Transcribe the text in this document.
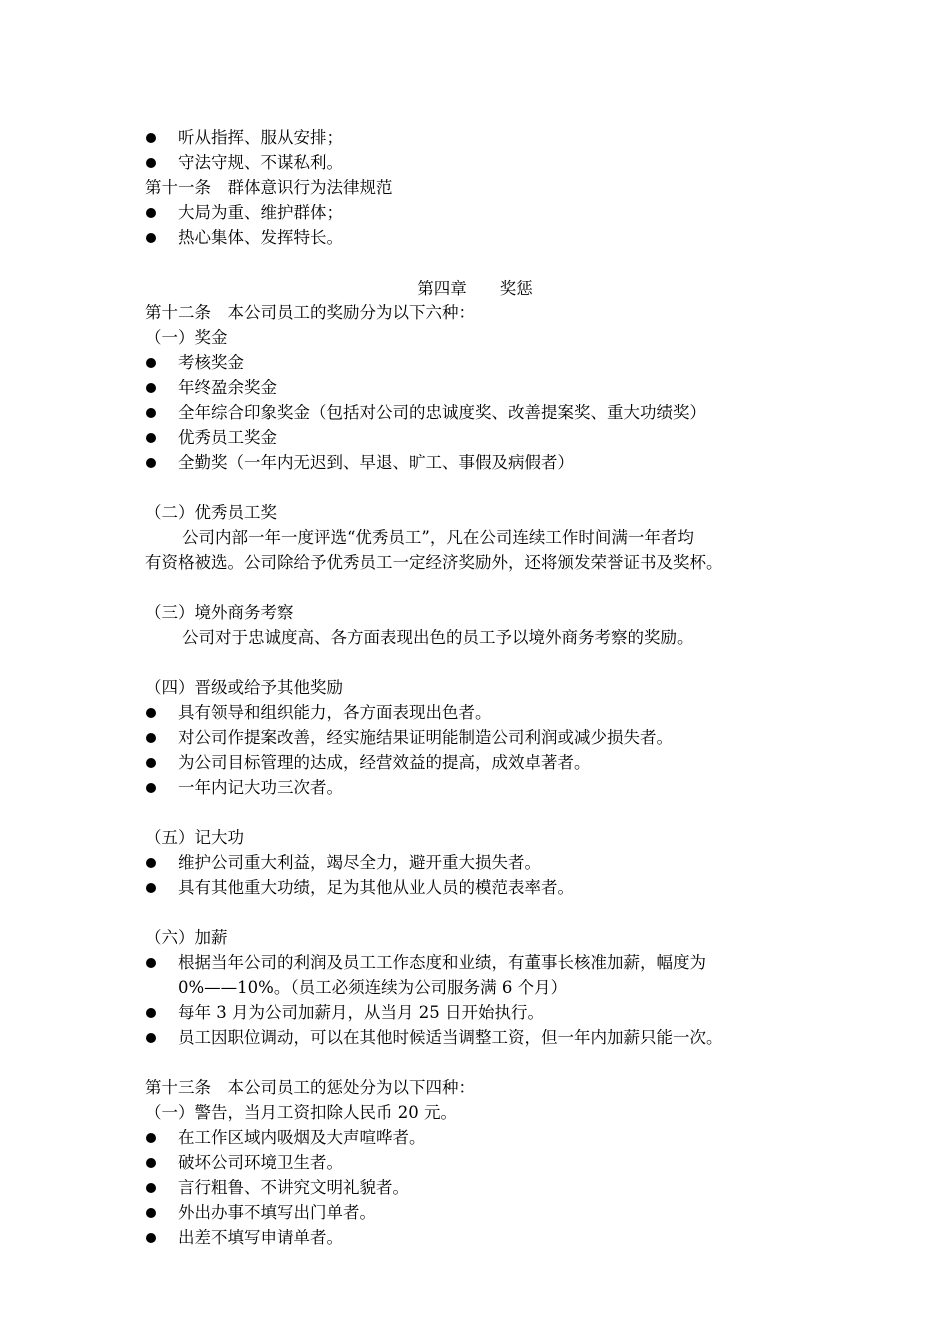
听从指挥、服从安排；
守法守规、不谋私利。
第十一条　群体意识行为法律规范
大局为重、维护群体；
热心集体、发挥特长。
第四章　　奖惩
第十二条　本公司员工的奖励分为以下六种：
（一）奖金
考核奖金
年终盈余奖金
全年综合印象奖金（包括对公司的忠诚度奖、改善提案奖、重大功绩奖）
优秀员工奖金
全勤奖（一年内无迟到、早退、旷工、事假及病假者）
（二）优秀员工奖
公司内部一年一度评选“优秀员工”，凡在公司连续工作时间满一年者均
有资格被选。公司除给予优秀员工一定经济奖励外，还将颁发荣誉证书及奖杯。
（三）境外商务考察
公司对于忠诚度高、各方面表现出色的员工予以境外商务考察的奖励。
（四）晋级或给予其他奖励
具有领导和组织能力，各方面表现出色者。
对公司作提案改善，经实施结果证明能制造公司利润或减少损失者。
为公司目标管理的达成，经营效益的提高，成效卓著者。
一年内记大功三次者。
（五）记大功
维护公司重大利益，竭尽全力，避开重大损失者。
具有其他重大功绩，足为其他从业人员的模范表率者。
（六）加薪
根据当年公司的利润及员工工作态度和业绩，有董事长核准加薪，幅度为
0%——10%。（员工必须连续为公司服务满 6 个月）
每年 3 月为公司加薪月，从当月 25 日开始执行。
员工因职位调动，可以在其他时候适当调整工资，但一年内加薪只能一次。
第十三条　本公司员工的惩处分为以下四种：
（一）警告，当月工资扣除人民币 20 元。
在工作区域内吸烟及大声喧哗者。
破坏公司环境卫生者。
言行粗鲁、不讲究文明礼貌者。
外出办事不填写出门单者。
出差不填写申请单者。
